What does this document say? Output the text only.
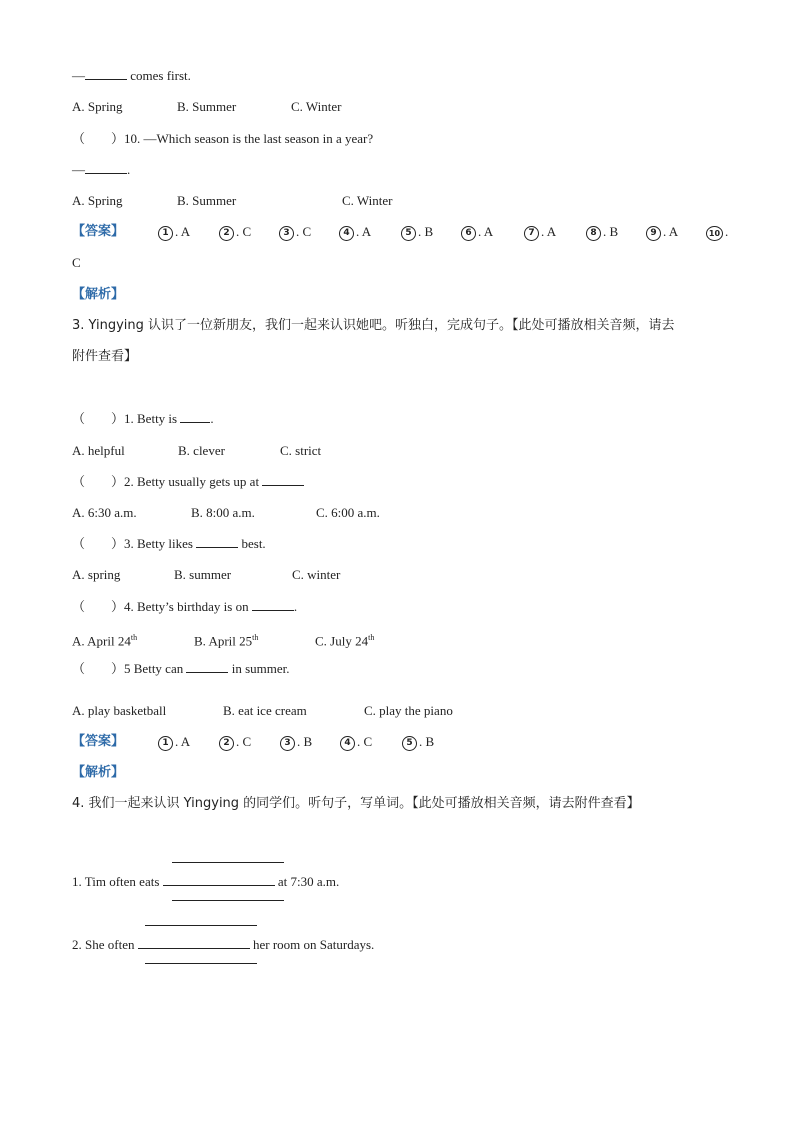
—	comes first.
A. Spring	B. Summer	C. Winter
（　　）10. —Which season is the last season in a year?
—	.
A. Spring	B. Summer	C. Winter
【答案】	1 . A	2 . C	3 . C	4 . A	5 . B	6 . A	7 . A	8 . B	9 . A	10 .
C
【解析】
3. Yingying 认识了一位新朋友，我们一起来认识她吧。听独白，完成句子。【此处可播放相关音频，请去
附件查看】
（　　）1. Betty is .
A. helpful	B. clever	C. strict
（　　）2. Betty usually gets up at
A. 6:30 a.m.	B. 8:00 a.m.	C. 6:00 a.m.
（　　）3. Betty likes	best.
A. spring	B. summer	C. winter
（　　）4. Betty’s birthday is on	.
A. April 24th	B. April 25th	C. July 24th
（　　）5 Betty can	in summer.
A. play basketball	B. eat ice cream	C. play the piano
【答案】	1 . A	2 . C	3 . B	4 . C	5 . B
【解析】
4. 我们一起来认识 Yingying 的同学们。听句子，写单词。【此处可播放相关音频，请去附件查看】
1. Tim often eats	at 7:30 a.m.
2. She often	her room on Saturdays.
